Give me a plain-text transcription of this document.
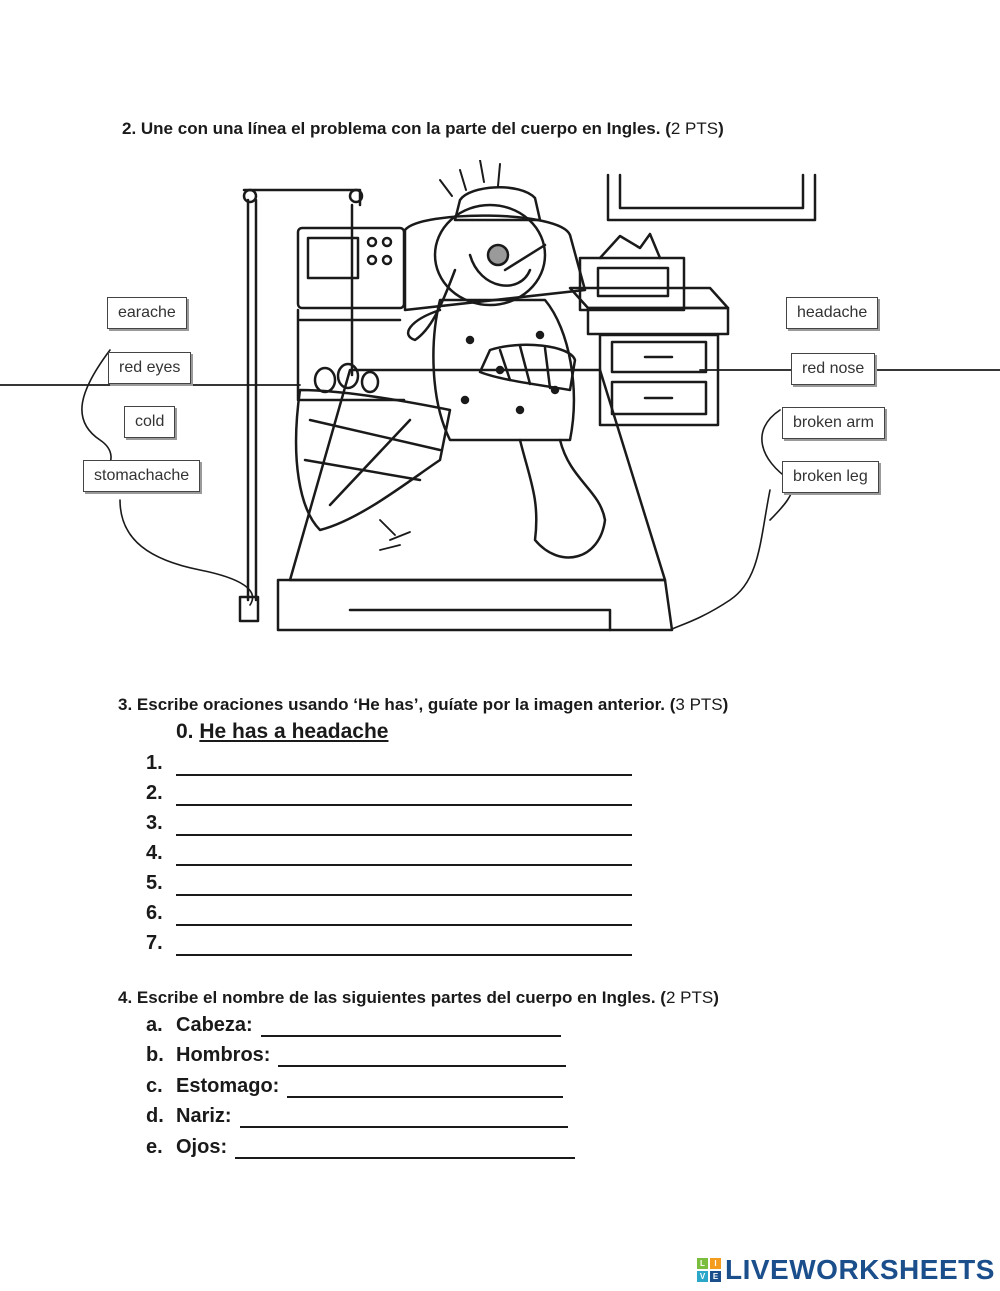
2. Une con una línea el problema con la parte del cuerpo en Ingles. (2 PTS)
earache
red eyes
cold
stomachache
headache
red nose
broken arm
broken leg
3. Escribe oraciones usando ‘He has’, guíate por la imagen anterior. (3 PTS)
0. He has a headache
1.
2.
3.
4.
5.
6.
7.
4. Escribe el nombre de las siguientes partes del cuerpo en Ingles. (2 PTS)
a. Cabeza:
b. Hombros:
c. Estomago:
d. Nariz:
e. Ojos:
L	I
V E LIVEWORKSHEETS
